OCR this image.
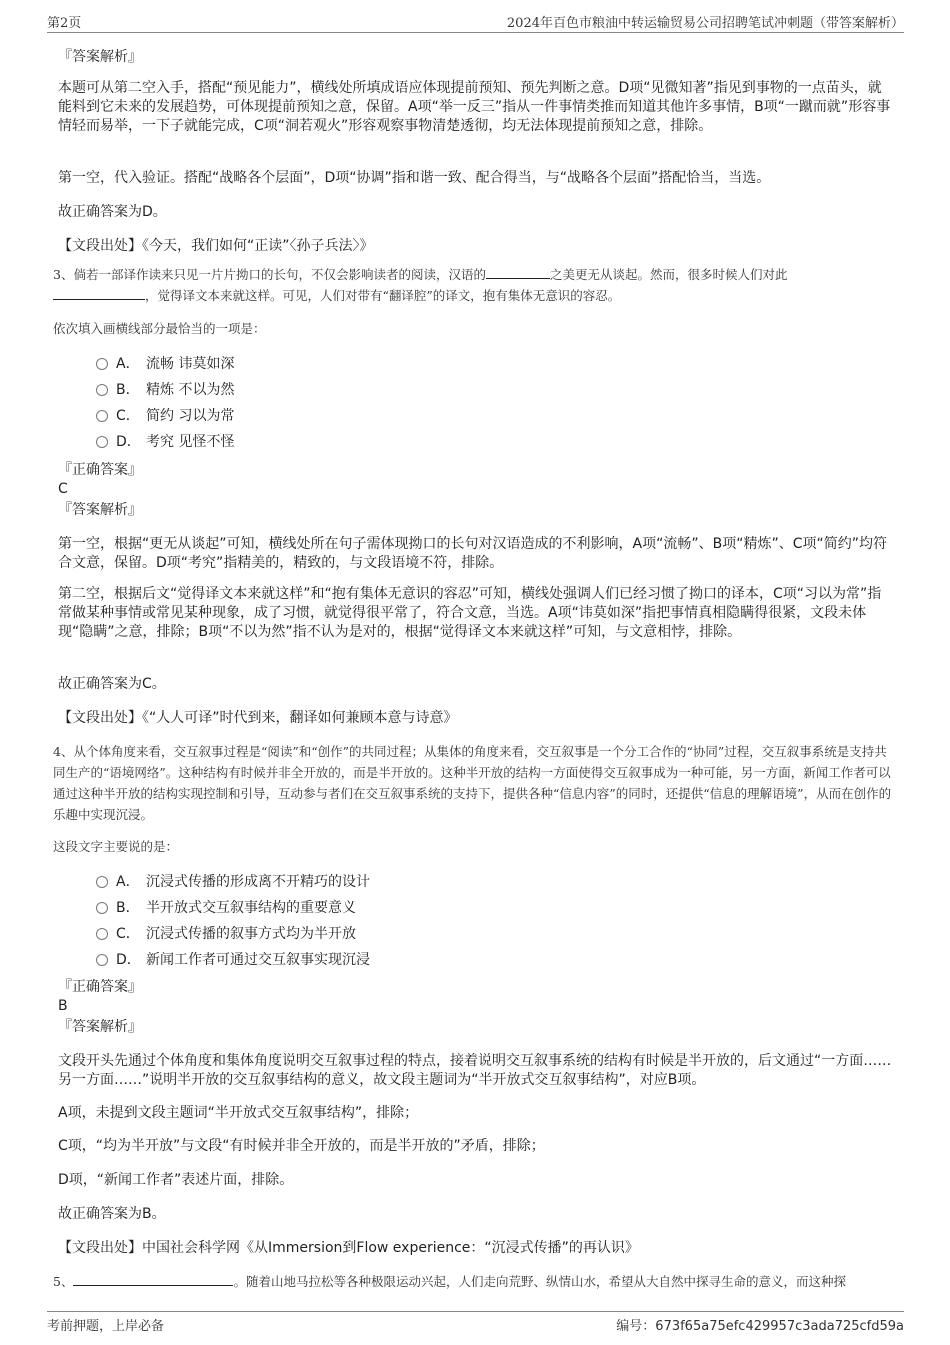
第2页	2024年百色市粮油中转运输贸易公司招聘笔试冲刺题（带答案解析）
『答案解析』

本题可从第二空入手，搭配“预见能力”，横线处所填成语应体现提前预知、预先判断之意。D项“见微知著”指见到事物的一点苗头，就能料到它未来的发展趋势，可体现提前预知之意，保留。A项“举一反三”指从一件事情类推而知道其他许多事情，B项“一蹴而就”形容事情轻而易举，一下子就能完成，C项“洞若观火”形容观察事物清楚透彻，均无法体现提前预知之意，排除。

第一空，代入验证。搭配“战略各个层面”，D项“协调”指和谐一致、配合得当，与“战略各个层面”搭配恰当，当选。

故正确答案为D。

【文段出处】《今天，我们如何“正读”〈孙子兵法〉》

3、倘若一部译作读来只见一片片拗口的长句，不仅会影响读者的阅读，汉语的	之美更无从谈起。然而，很多时候人们对此
，觉得译文本来就这样。可见，人们对带有“翻译腔”的译文，抱有集体无意识的容忍。
依次填入画横线部分最恰当的一项是：
A． 流畅 讳莫如深
B． 精炼 不以为然
C． 简约 习以为常
D． 考究 见怪不怪
『正确答案』
C
『答案解析』

第一空，根据“更无从谈起”可知，横线处所在句子需体现拗口的长句对汉语造成的不利影响，A项“流畅”、B项“精炼”、C项“简约”均符合文意，保留。D项“考究”指精美的，精致的，与文段语境不符，排除。

第二空，根据后文“觉得译文本来就这样”和“抱有集体无意识的容忍”可知，横线处强调人们已经习惯了拗口的译本，C项“习以为常”指常做某种事情或常见某种现象，成了习惯，就觉得很平常了，符合文意，当选。A项“讳莫如深”指把事情真相隐瞒得很紧，文段未体现“隐瞒”之意，排除；B项“不以为然”指不认为是对的，根据“觉得译文本来就这样”可知，与文意相悖，排除。

故正确答案为C。

【文段出处】《“人人可译”时代到来，翻译如何兼顾本意与诗意》

4、从个体角度来看，交互叙事过程是“阅读”和“创作”的共同过程；从集体的角度来看，交互叙事是一个分工合作的“协同”过程，交互叙事系统是支持共同生产的“语境网络”。这种结构有时候并非全开放的，而是半开放的。这种半开放的结构一方面使得交互叙事成为一种可能，另一方面，新闻工作者可以通过这种半开放的结构实现控制和引导，互动参与者们在交互叙事系统的支持下，提供各种“信息内容”的同时，还提供“信息的理解语境”，从而在创作的乐趣中实现沉浸。

这段文字主要说的是：
A． 沉浸式传播的形成离不开精巧的设计
B． 半开放式交互叙事结构的重要意义
C． 沉浸式传播的叙事方式均为半开放
D． 新闻工作者可通过交互叙事实现沉浸
『正确答案』
B
『答案解析』

文段开头先通过个体角度和集体角度说明交互叙事过程的特点，接着说明交互叙事系统的结构有时候是半开放的，后文通过“一方面……另一方面……”说明半开放的交互叙事结构的意义，故文段主题词为“半开放式交互叙事结构”，对应B项。

A项，未提到文段主题词“半开放式交互叙事结构”，排除；

C项，“均为半开放”与文段“有时候并非全开放的，而是半开放的”矛盾，排除；

D项，“新闻工作者”表述片面，排除。

故正确答案为B。

【文段出处】中国社会科学网《从Immersion到Flow experience：“沉浸式传播”的再认识》

5、	。随着山地马拉松等各种极限运动兴起，人们走向荒野、纵情山水，希望从大自然中探寻生命的意义，而这种探
考前押题，上岸必备	编号：673f65a75efc429957c3ada725cfd59a
